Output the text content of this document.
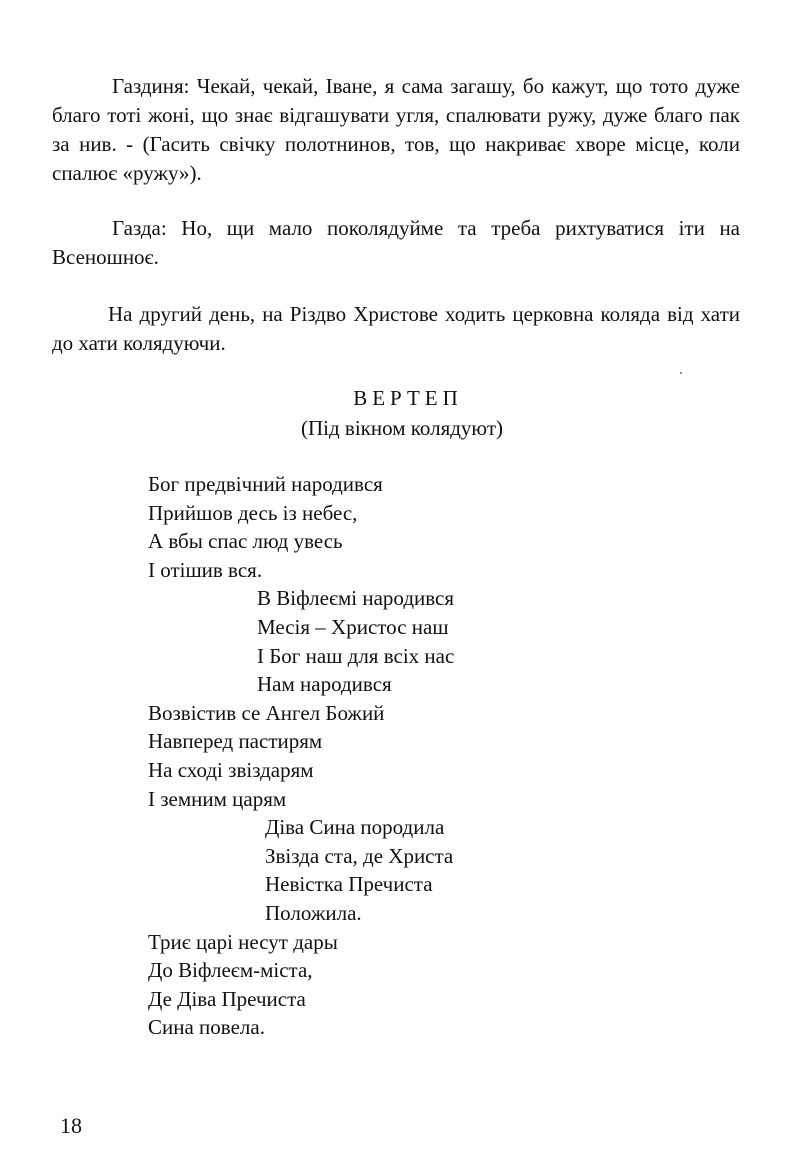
Газдиня: Чекай, чекай, Іване, я сама загашу, бо кажут, що тото дуже благо тоті жоні, що знає відгашувати угля, спалювати ружу, дуже благо пак за нив. - (Гасить свічку полотнинов, тов, що накриває хворе місце, коли спалює «ружу»).

Газда: Но, щи мало поколядуйме та треба рихтуватися іти на Всеношноє.

На другий день, на Різдво Христове ходить церковна коляда від хати до хати колядуючи.

ВЕРТЕП
(Під вікном колядуют)
Бог предвічний народився
Прийшов десь із небес,
А вбы спас люд увесь
І отішив вся.
В Віфлеємі народився
Месія – Христос наш
І Бог наш для всіх нас
Нам народився
Возвістив се Ангел Божий
Навперед пастирям
На сході звіздарям
І земним царям
Діва Сина породила
Звізда ста, де Христа
Невістка Пречиста
Положила.
Триє царі несут дары
До Віфлеєм-міста,
Де Діва Пречиста
Сина повела.
18
